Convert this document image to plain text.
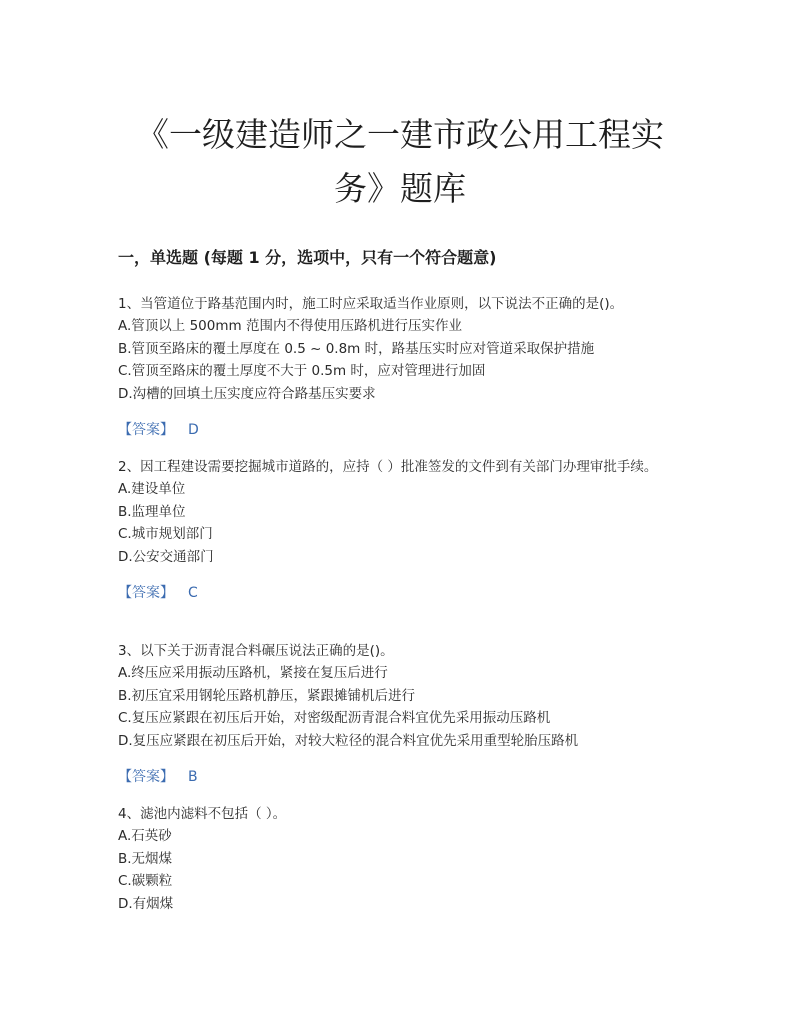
《一级建造师之一建市政公用工程实
务》题库
一，单选题 (每题 1 分，选项中，只有一个符合题意)

1、当管道位于路基范围内时，施工时应采取适当作业原则，以下说法不正确的是()。

A.管顶以上 500mm 范围内不得使用压路机进行压实作业

B.管顶至路床的覆土厚度在 0.5 ~ 0.8m 时，路基压实时应对管道采取保护措施

C.管顶至路床的覆土厚度不大于 0.5m 时，应对管理进行加固

D.沟槽的回填土压实度应符合路基压实要求

【答案】 D

2、因工程建设需要挖掘城市道路的，应持（ ）批准签发的文件到有关部门办理审批手续。

A.建设单位

B.监理单位

C.城市规划部门

D.公安交通部门

【答案】 C

3、以下关于沥青混合料碾压说法正确的是()。

A.终压应采用振动压路机，紧接在复压后进行

B.初压宜采用钢轮压路机静压，紧跟摊铺机后进行

C.复压应紧跟在初压后开始，对密级配沥青混合料宜优先采用振动压路机

D.复压应紧跟在初压后开始，对较大粒径的混合料宜优先采用重型轮胎压路机

【答案】 B

4、滤池内滤料不包括（ ）。

A.石英砂

B.无烟煤

C.碳颗粒

D.有烟煤
